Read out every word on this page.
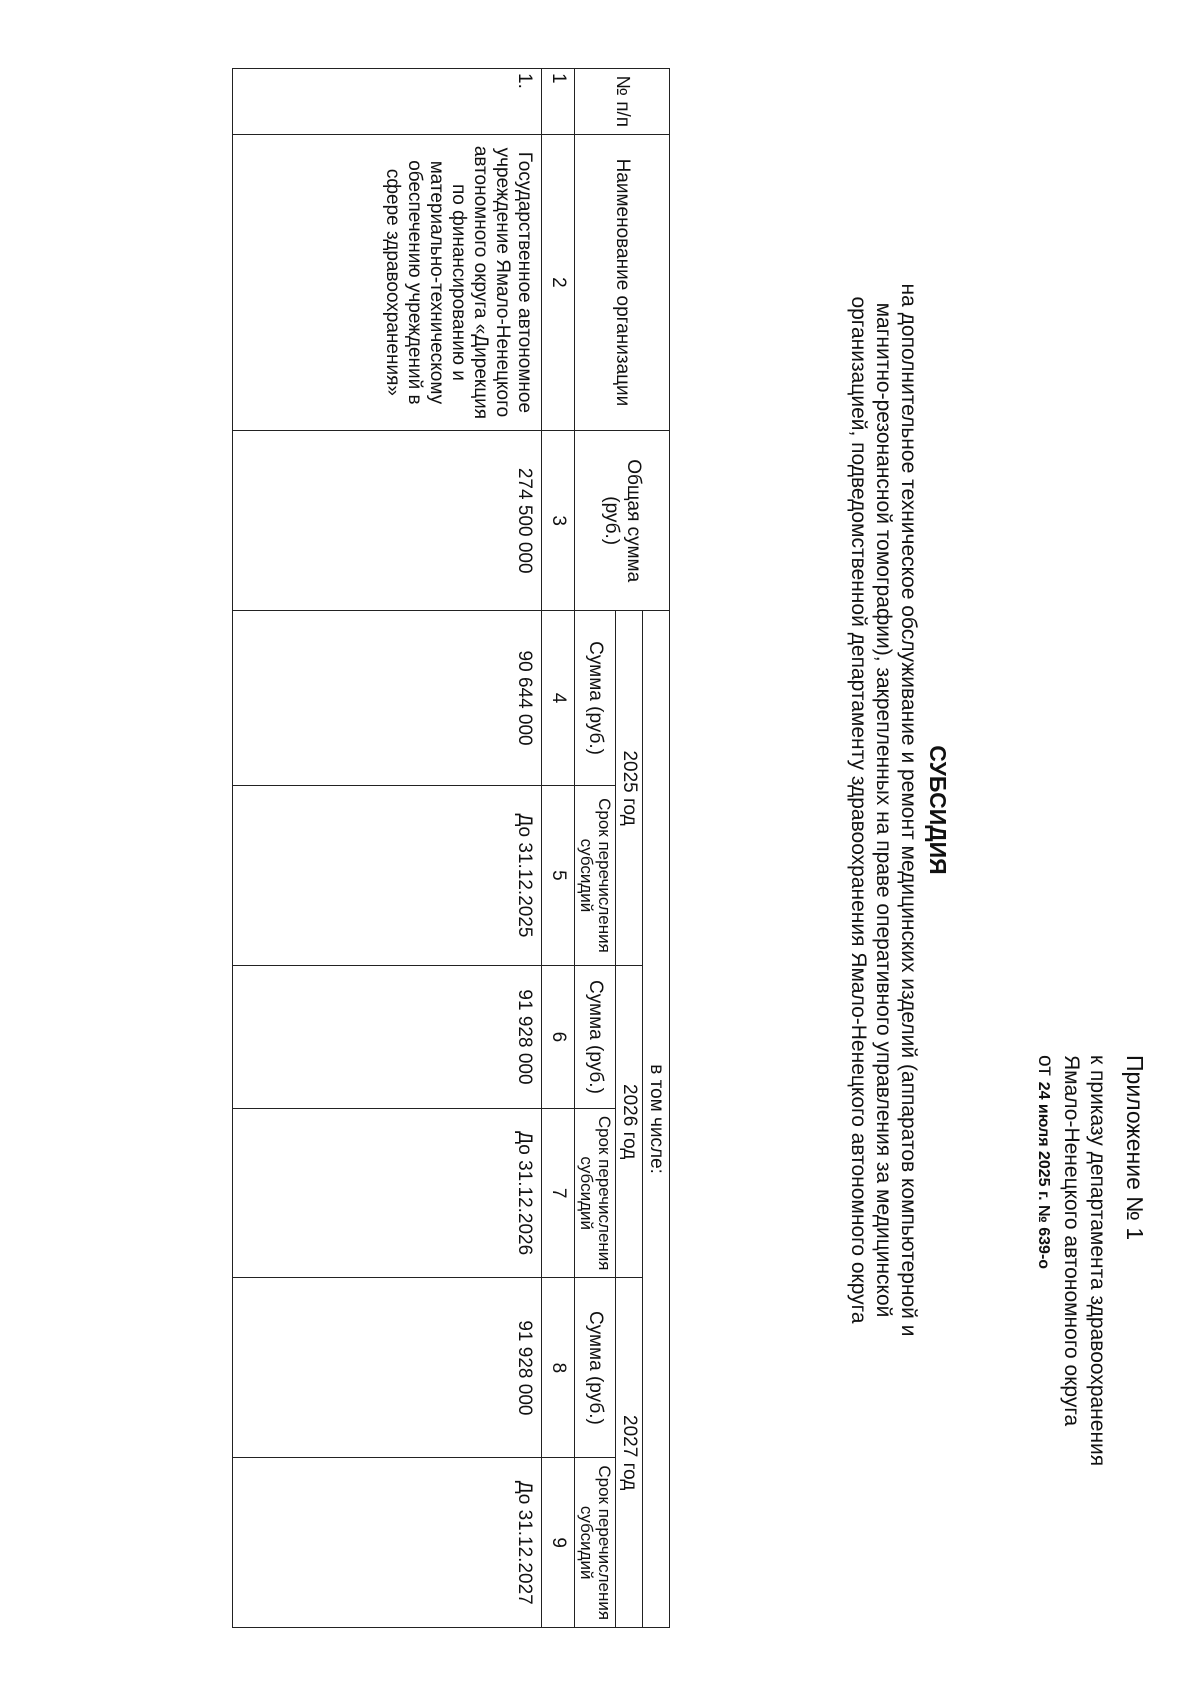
Приложение № 1
к приказу департамента здравоохранения
Ямало-Ненецкого автономного округа
от 24 июля 2025 г. № 639-о
СУБСИДИЯ
на дополнительное техническое обслуживание и ремонт медицинских изделий (аппаратов компьютерной и
магнитно-резонансной томографии), закрепленных на праве оперативного управления за медицинской
организацией, подведомственной департаменту здравоохранения Ямало-Ненецкого автономного округа
№ п/п	Наименование организации	Общая сумма (руб.)	в том числе:					
			2025 год		2026 год		2027 год	
			Сумма (руб.)	Срок перечисления субсидий	Сумма (руб.)	Срок перечисления субсидий	Сумма (руб.)	Срок перечисления субсидий
1	2	3	4	5	6	7	8	9
1.	Государственное автономное учреждение Ямало-Ненецкого автономного округа «Дирекция по финансированию и материально-техническому обеспечению учреждений в сфере здравоохранения»	274 500 000	90 644 000	До 31.12.2025	91 928 000	До 31.12.2026	91 928 000	До 31.12.2027
